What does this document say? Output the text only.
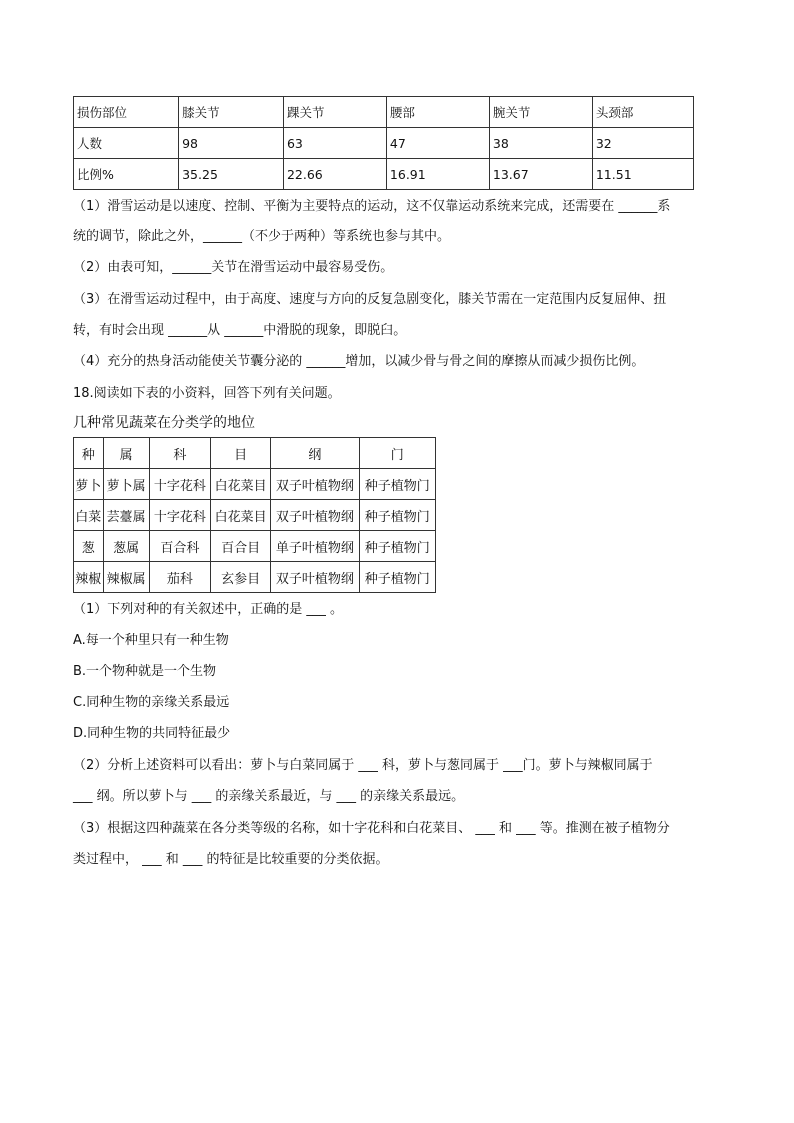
损伤部位	膝关节	踝关节	腰部	腕关节	头颈部
人数	98	63	47	38	32
比例%	35.25	22.66	16.91	13.67	11.51
（1）滑雪运动是以速度、控制、平衡为主要特点的运动，这不仅靠运动系统来完成，还需要在 ______系
统的调节，除此之外，______（不少于两种）等系统也参与其中。
（2）由表可知，______关节在滑雪运动中最容易受伤。
（3）在滑雪运动过程中，由于高度、速度与方向的反复急剧变化，膝关节需在一定范围内反复屈伸、扭
转，有时会出现 ______从 ______中滑脱的现象，即脱臼。
（4）充分的热身活动能使关节囊分泌的 ______增加，以减少骨与骨之间的摩擦从而减少损伤比例。
18.阅读如下表的小资料，回答下列有关问题。
几种常见蔬菜在分类学的地位
种	属	科	目	纲	门
萝卜	萝卜属	十字花科	白花菜目	双子叶植物纲	种子植物门
白菜	芸薹属	十字花科	白花菜目	双子叶植物纲	种子植物门
葱	葱属	百合科	百合目	单子叶植物纲	种子植物门
辣椒	辣椒属	茄科	玄参目	双子叶植物纲	种子植物门
（1）下列对种的有关叙述中，正确的是 ___ 。
A.每一个种里只有一种生物
B.一个物种就是一个生物
C.同种生物的亲缘关系最远
D.同种生物的共同特征最少
（2）分析上述资料可以看出：萝卜与白菜同属于 ___ 科，萝卜与葱同属于 ___门。萝卜与辣椒同属于
___ 纲。所以萝卜与 ___ 的亲缘关系最近，与 ___ 的亲缘关系最远。
（3）根据这四种蔬菜在各分类等级的名称，如十字花科和白花菜目、 ___ 和 ___ 等。推测在被子植物分
类过程中， ___ 和 ___ 的特征是比较重要的分类依据。
